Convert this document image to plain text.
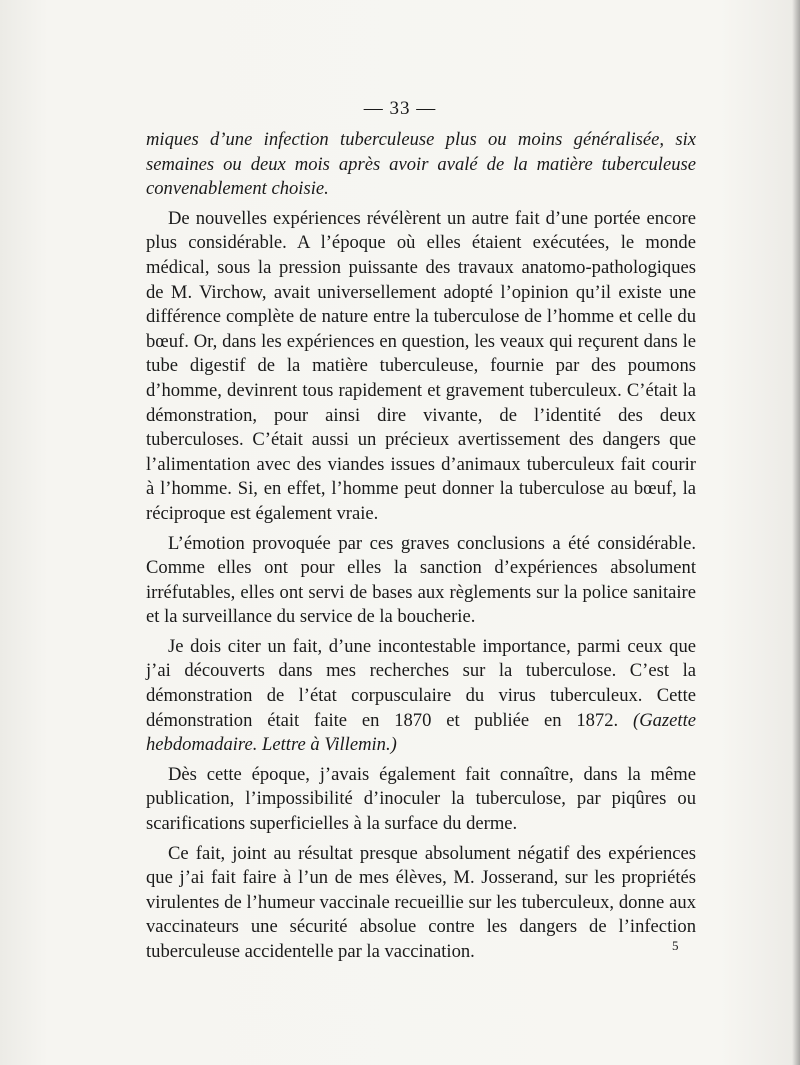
— 33 —

miques d’une infection tuberculeuse plus ou moins généralisée, six semaines ou deux mois après avoir avalé de la matière tuberculeuse convenablement choisie.

De nouvelles expériences révélèrent un autre fait d’une portée encore plus considérable. A l’époque où elles étaient exécutées, le monde médical, sous la pression puissante des travaux anatomo-pathologiques de M. Virchow, avait universellement adopté l’opinion qu’il existe une différence complète de nature entre la tuberculose de l’homme et celle du bœuf. Or, dans les expériences en question, les veaux qui reçurent dans le tube digestif de la matière tuberculeuse, fournie par des poumons d’homme, devinrent tous rapidement et gravement tuberculeux. C’était la démonstration, pour ainsi dire vivante, de l’identité des deux tuberculoses. C’était aussi un précieux avertissement des dangers que l’alimentation avec des viandes issues d’animaux tuberculeux fait courir à l’homme. Si, en effet, l’homme peut donner la tuberculose au bœuf, la réciproque est également vraie.

L’émotion provoquée par ces graves conclusions a été considérable. Comme elles ont pour elles la sanction d’expériences absolument irréfutables, elles ont servi de bases aux règlements sur la police sanitaire et la surveillance du service de la boucherie.

Je dois citer un fait, d’une incontestable importance, parmi ceux que j’ai découverts dans mes recherches sur la tuberculose. C’est la démonstration de l’état corpusculaire du virus tuberculeux. Cette démonstration était faite en 1870 et publiée en 1872. (Gazette hebdomadaire. Lettre à Villemin.)

Dès cette époque, j’avais également fait connaître, dans la même publication, l’impossibilité d’inoculer la tuberculose, par piqûres ou scarifications superficielles à la surface du derme.

Ce fait, joint au résultat presque absolument négatif des expériences que j’ai fait faire à l’un de mes élèves, M. Josserand, sur les propriétés virulentes de l’humeur vaccinale recueillie sur les tuberculeux, donne aux vaccinateurs une sécurité absolue contre les dangers de l’infection tuberculeuse accidentelle par la vaccination.	5
